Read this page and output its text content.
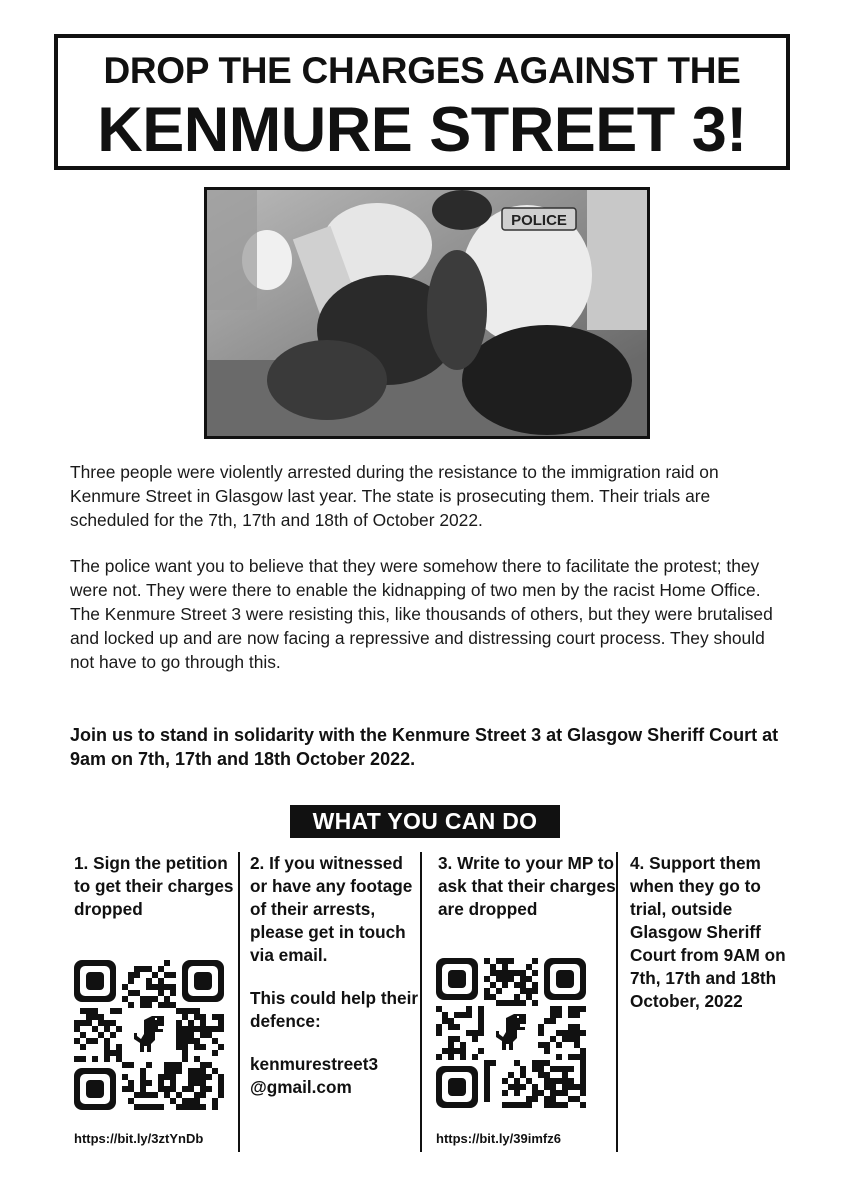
DROP THE CHARGES AGAINST THE
KENMURE STREET 3!
POLICE
Three people were violently arrested during the resistance to the immigration raid on Kenmure Street in Glasgow last year. The state is prosecuting them. Their trials are scheduled for the 7th, 17th and 18th of October 2022.
The police want you to believe that they were somehow there to facilitate the protest; they were not. They were there to enable the kidnapping of two men by the racist Home Office. The Kenmure Street 3 were resisting this, like thousands of others, but they were brutalised and locked up and are now facing a repressive and distressing court process. They should not have to go through this.
Join us to stand in solidarity with the Kenmure Street 3 at Glasgow Sheriff Court at 9am on 7th, 17th and 18th October 2022.
WHAT YOU CAN DO

1. Sign the petition to get their charges dropped

2. If you witnessed or have any footage of their arrests, please get in touch via email.

This could help their defence:

kenmurestreet3

@gmail.com

3. Write to your MP to ask that their charges are dropped

4. Support them when they go to trial, outside Glasgow Sheriff Court from 9AM on 7th, 17th and 18th October, 2022

https://bit.ly/3ztYnDb	https://bit.ly/39imfz6
